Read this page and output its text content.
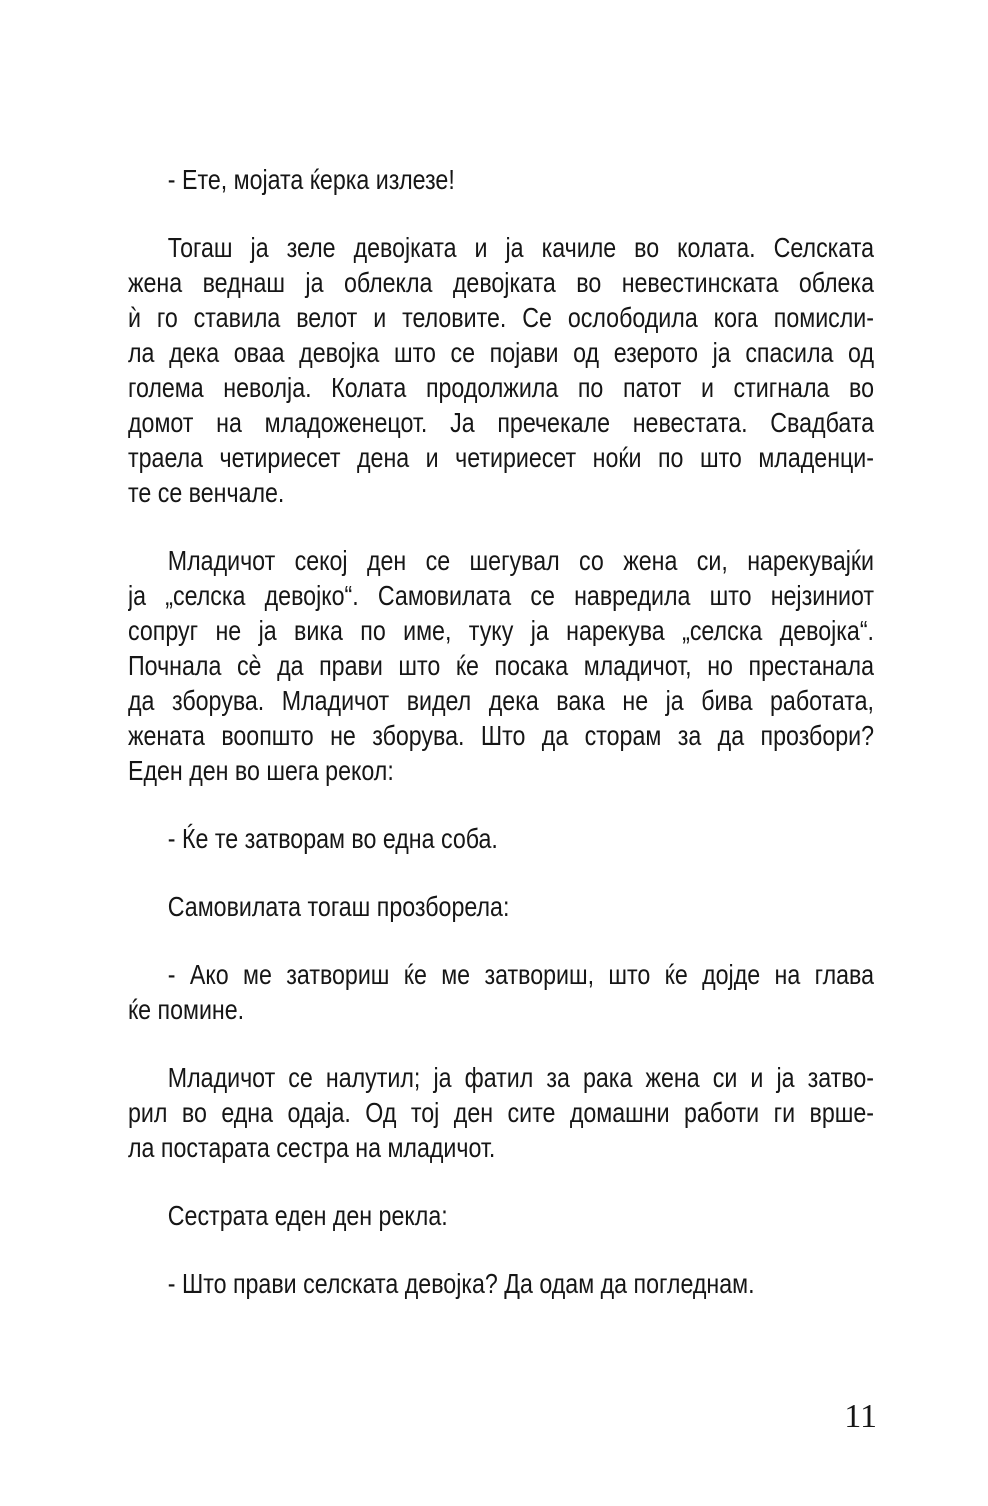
- Ете, мојата ќерка излезе!
Тогаш ја зеле девојката и ја качиле во колата. Селската
жена веднаш ја облекла девојката во невестинската облека
ѝ го ставила велот и теловите. Се ослободила кога помисли-
ла дека оваа девојка што се појави од езерото ја спасила од
голема неволја. Колата продолжила по патот и стигнала во
домот на младоженецот. Ја пречекале невестата. Свадбата
траела четириесет дена и четириесет ноќи по што младенци-
те се венчале.
Младичот секој ден се шегувал со жена си, нарекувајќи
ја „селска девојко“. Самовилата се навредила што нејзиниот
сопруг не ја вика по име, туку ја нарекува „селска девојка“.
Почнала сè да прави што ќе посака младичот, но престанала
да зборува. Младичот видел дека вака не ја бива работата,
жената воопшто не зборува. Што да сторам за да прозбори?
Еден ден во шега рекол:
- Ќе те затворам во една соба.
Самовилата тогаш прозборела:
- Ако ме затвориш ќе ме затвориш, што ќе дојде на глава
ќе помине.
Младичот се налутил; ја фатил за рака жена си и ја затво-
рил во една одаја. Од тој ден сите домашни работи ги врше-
ла постарата сестра на младичот.
Сестрата еден ден рекла:
- Што прави селската девојка? Да одам да погледнам.
11
